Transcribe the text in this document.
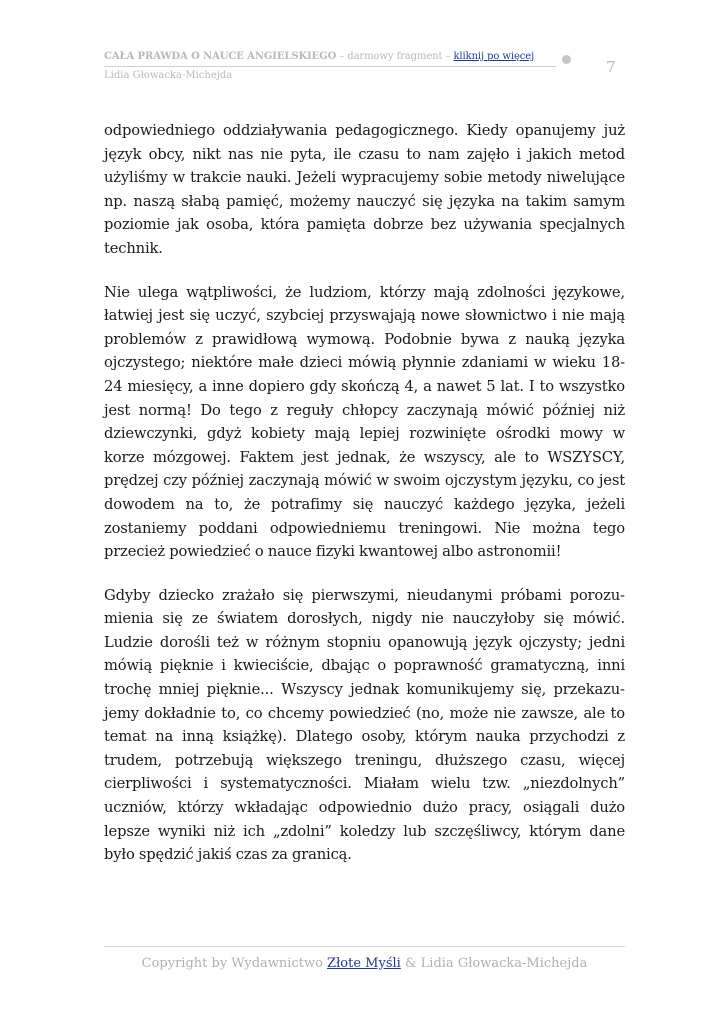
CAŁA PRAWDA O NAUCE ANGIELSKIEGO – darmowy fragment – kliknij po więcej
Lidia Głowacka-Michejda	7

odpowiedniego oddziaływania pedagogicznego. Kiedy opanujemy już język obcy, nikt nas nie pyta, ile czasu to nam zajęło i jakich metod użyliśmy w trakcie nauki. Jeżeli wypracujemy sobie metody niwelujące np. naszą słabą pamięć, możemy nauczyć się języka na takim samym poziomie jak osoba, która pamięta dobrze bez używania specjalnych technik.

Nie ulega wątpliwości, że ludziom, którzy mają zdolności językowe, łatwiej jest się uczyć, szybciej przyswajają nowe słownictwo i nie mają problemów z prawidłową wymową. Podobnie bywa z nauką języka ojczystego; niektóre małe dzieci mówią płynnie zdaniami w wieku 18-24 miesięcy, a inne dopiero gdy skończą 4, a nawet 5 lat. I to wszystko jest normą! Do tego z reguły chłopcy zaczynają mówić później niż dziewczynki, gdyż kobiety mają lepiej rozwinięte ośrodki mowy w korze mózgowej. Faktem jest jednak, że wszyscy, ale to WSZYSCY, prędzej czy później zaczynają mówić w swoim ojczystym języku, co jest dowodem na to, że potrafimy się nauczyć każdego języka, jeżeli zostaniemy poddani odpowiedniemu treningowi. Nie można tego przecież powiedzieć o nauce fizyki kwantowej albo astronomii!

Gdyby dziecko zrażało się pierwszymi, nieudanymi próbami porozumienia się ze światem dorosłych, nigdy nie nauczyłoby się mówić. Ludzie dorośli też w różnym stopniu opanowują język ojczysty; jedni mówią pięknie i kwieciście, dbając o poprawność gramatyczną, inni trochę mniej pięknie... Wszyscy jednak komunikujemy się, przekazujemy dokładnie to, co chcemy powiedzieć (no, może nie zawsze, ale to temat na inną książkę). Dlatego osoby, którym nauka przychodzi z trudem, potrzebują większego treningu, dłuższego czasu, więcej cierpliwości i systematyczności. Miałam wielu tzw. „niezdolnych” uczniów, którzy wkładając odpowiednio dużo pracy, osiągali dużo lepsze wyniki niż ich „zdolni” koledzy lub szczęśliwcy, którym dane było spędzić jakiś czas za granicą.

Copyright by Wydawnictwo Złote Myśli & Lidia Głowacka-Michejda
